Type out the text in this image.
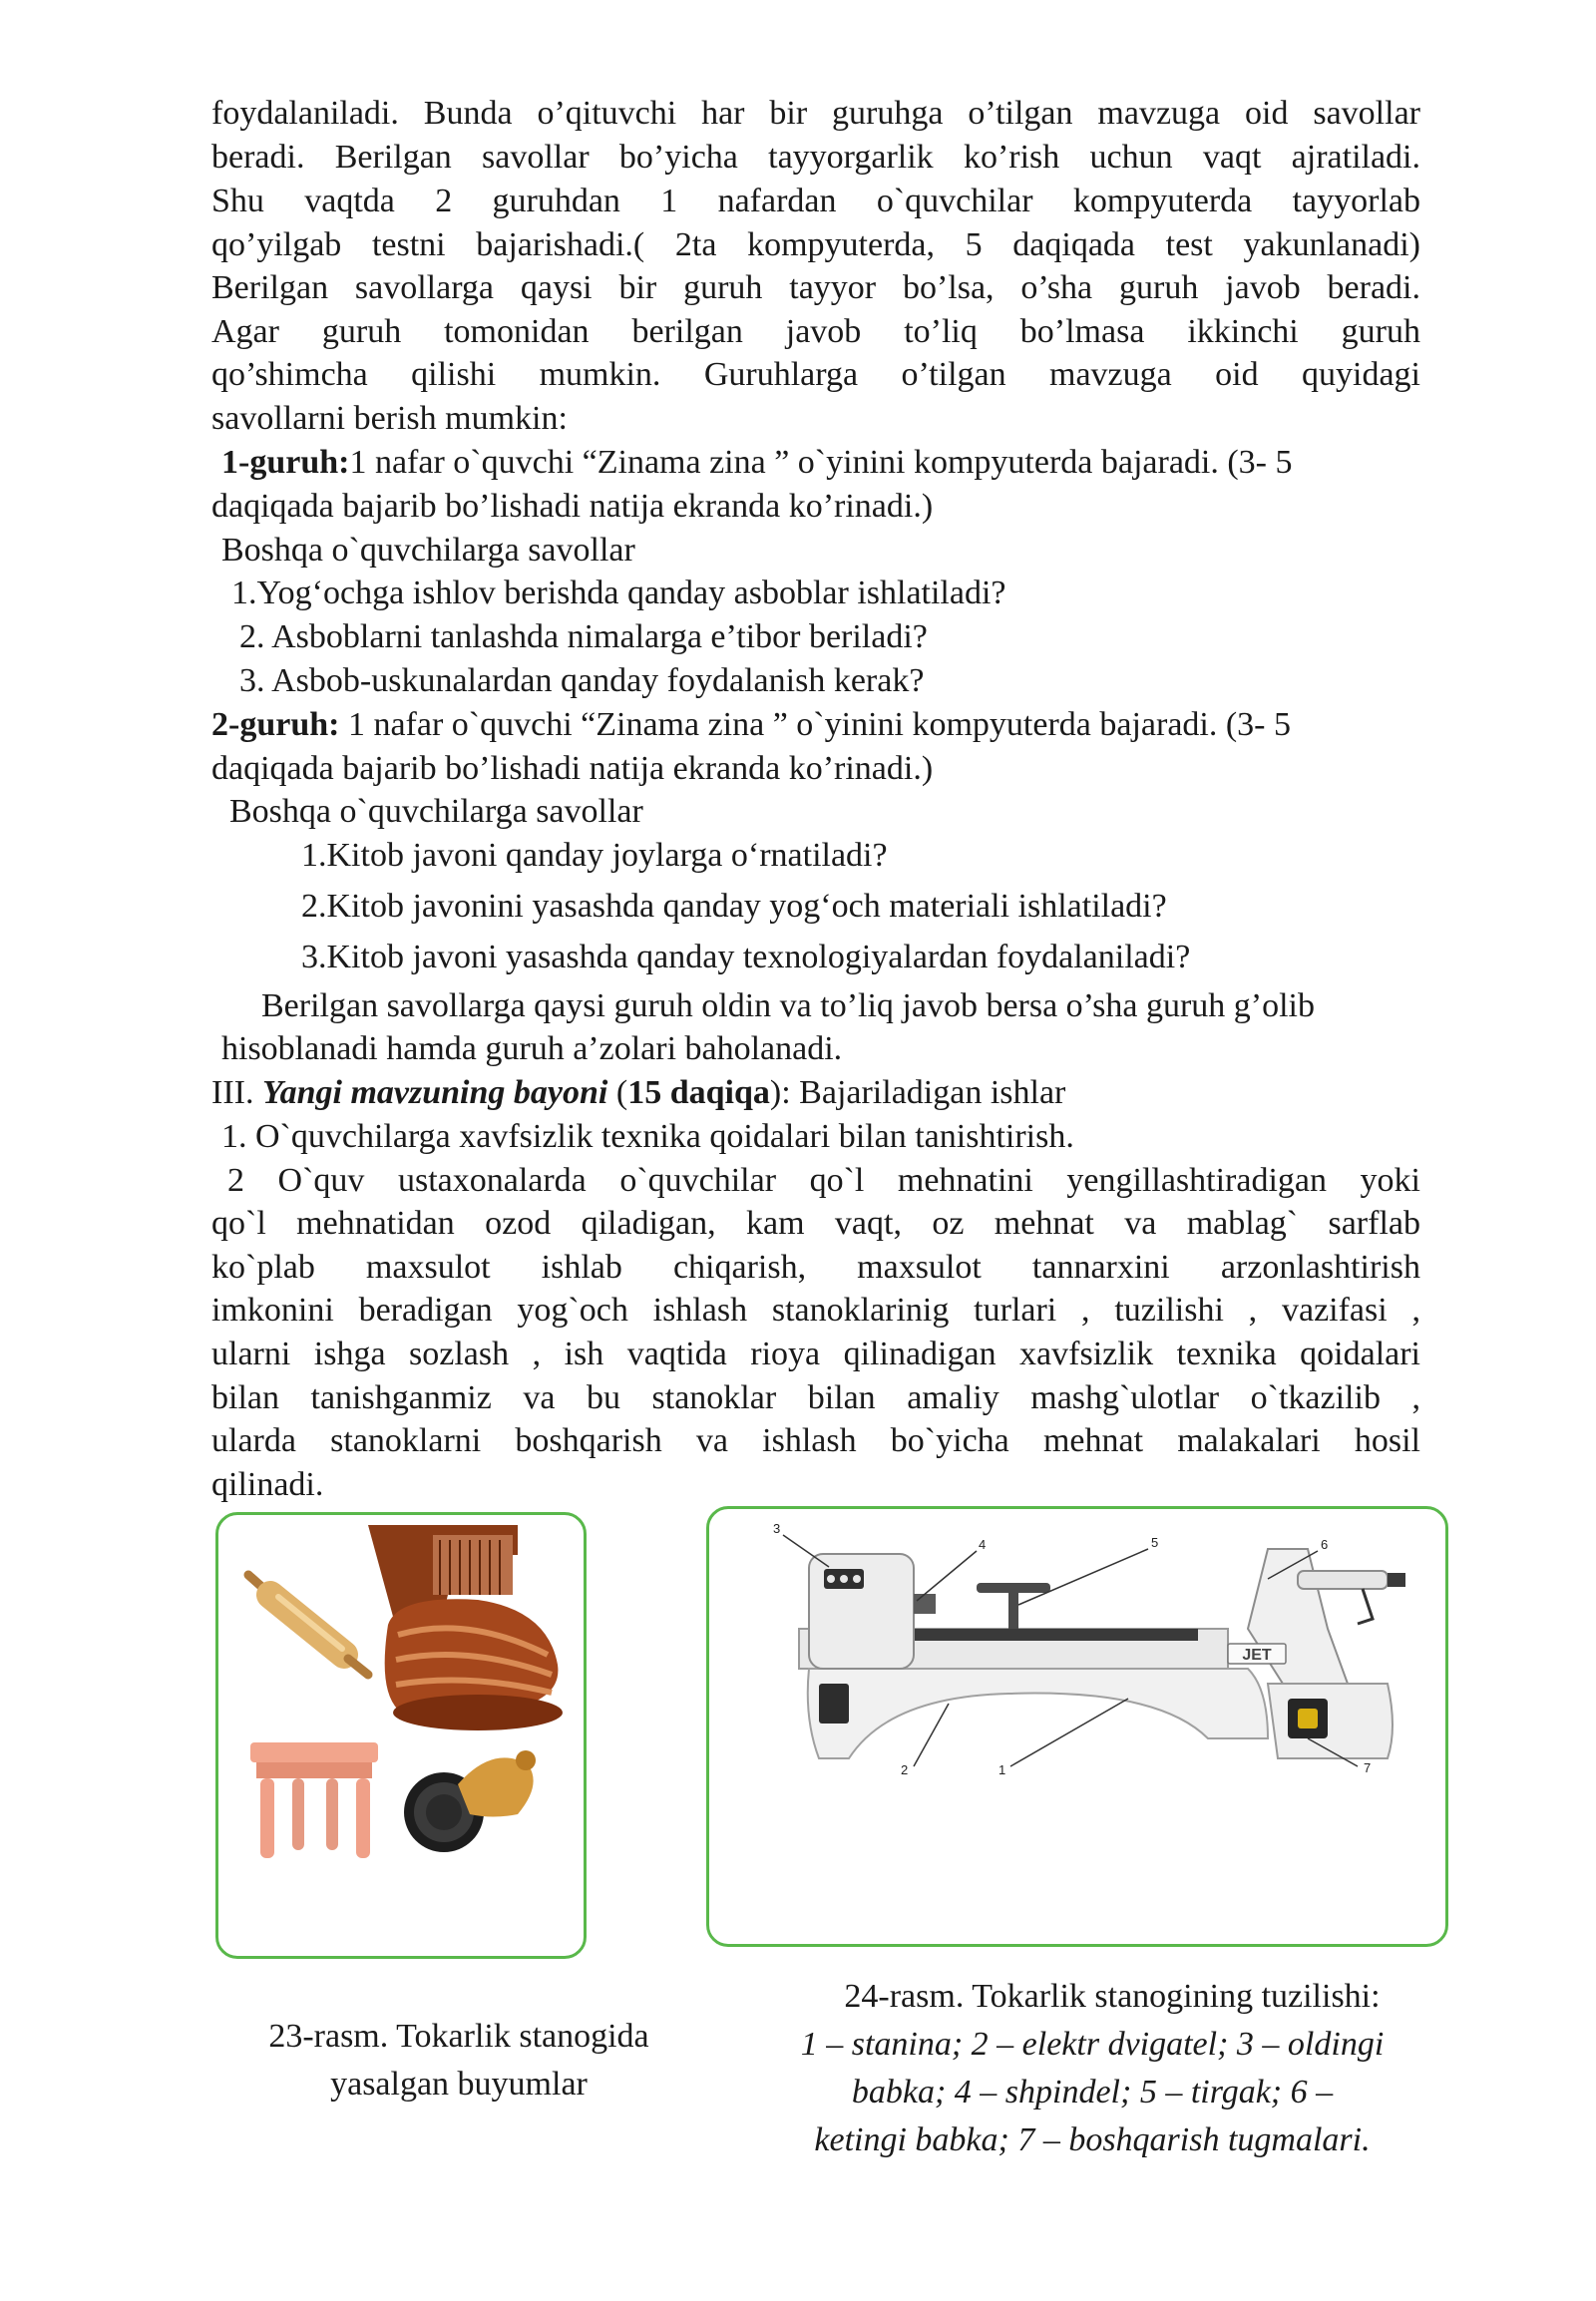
foydalaniladi. Bunda o’qituvchi har bir guruhga o’tilgan mavzuga oid savollar
beradi. Berilgan savollar bo’yicha tayyorgarlik ko’rish uchun vaqt ajratiladi.
Shu vaqtda 2 guruhdan 1 nafardan o`quvchilar kompyuterda tayyorlab
qo’yilgab testni bajarishadi.( 2ta kompyuterda, 5 daqiqada test yakunlanadi)
Berilgan savollarga qaysi bir guruh tayyor bo’lsa, o’sha guruh javob beradi.
Agar guruh tomonidan berilgan javob to’liq bo’lmasa ikkinchi guruh
qo’shimcha qilishi mumkin. Guruhlarga o’tilgan mavzuga oid quyidagi
savollarni berish mumkin:
1-guruh:1 nafar o`quvchi “Zinama zina ” o`yinini kompyuterda bajaradi. (3- 5
daqiqada bajarib bo’lishadi natija ekranda ko’rinadi.)
Boshqa o`quvchilarga savollar
1.Yog‘ochga ishlov berishda qanday asboblar ishlatiladi?
2. Asboblarni tanlashda nimalarga e’tibor beriladi?
3. Asbob-uskunalardan qanday foydalanish kerak?
2-guruh: 1 nafar o`quvchi “Zinama zina ” o`yinini kompyuterda bajaradi. (3- 5
daqiqada bajarib bo’lishadi natija ekranda ko’rinadi.)
Boshqa o`quvchilarga savollar
1.Kitob javoni qanday joylarga o‘rnatiladi?
2.Kitob javonini yasashda qanday yog‘och materiali ishlatiladi?
3.Kitob javoni yasashda qanday texnologiyalardan foydalaniladi?
Berilgan savollarga qaysi guruh oldin va to’liq javob bersa o’sha guruh g’olib
hisoblanadi hamda guruh a’zolari baholanadi.
III. Yangi mavzuning bayoni (15 daqiqa): Bajariladigan ishlar
1. O`quvchilarga xavfsizlik texnika qoidalari bilan tanishtirish.
2 O`quv ustaxonalarda o`quvchilar qo`l mehnatini yengillashtiradigan yoki
qo`l mehnatidan ozod qiladigan, kam vaqt, oz mehnat va mablag` sarflab
ko`plab maxsulot ishlab chiqarish, maxsulot tannarxini arzonlashtirish
imkonini beradigan yog`och ishlash stanoklarinig turlari , tuzilishi , vazifasi ,
ularni ishga sozlash , ish vaqtida rioya qilinadigan xavfsizlik texnika qoidalari
bilan tanishganmiz va bu stanoklar bilan amaliy mashg`ulotlar o`tkazilib ,
ularda stanoklarni boshqarish va ishlash bo`yicha mehnat malakalari hosil
qilinadi.
JET
3
4	5	6
2	1	7
23-rasm. Tokarlik stanogida
yasalgan buyumlar
24-rasm. Tokarlik stanogining tuzilishi:
1 – stanina; 2 – elektr dvigatel; 3 – oldingi
babka; 4 – shpindel; 5 – tirgak; 6 –
ketingi babka; 7 – boshqarish tugmalari.
